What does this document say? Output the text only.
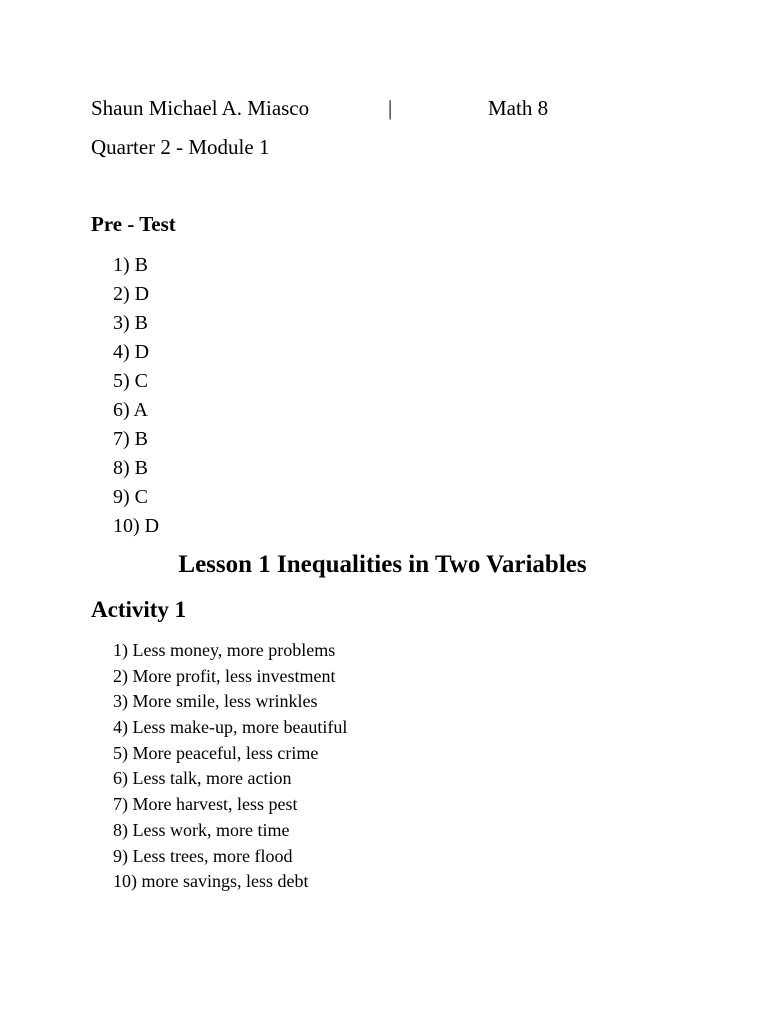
Shaun Michael A. Miasco	|	Math 8
Quarter 2 - Module 1
Pre - Test
1) B
2) D
3) B
4) D
5) C
6) A
7) B
8) B
9) C
10) D
Lesson 1 Inequalities in Two Variables
Activity 1
1) Less money, more problems
2) More profit, less investment
3) More smile, less wrinkles
4) Less make-up, more beautiful
5) More peaceful, less crime
6) Less talk, more action
7) More harvest, less pest
8) Less work, more time
9) Less trees, more flood
10) more savings, less debt
